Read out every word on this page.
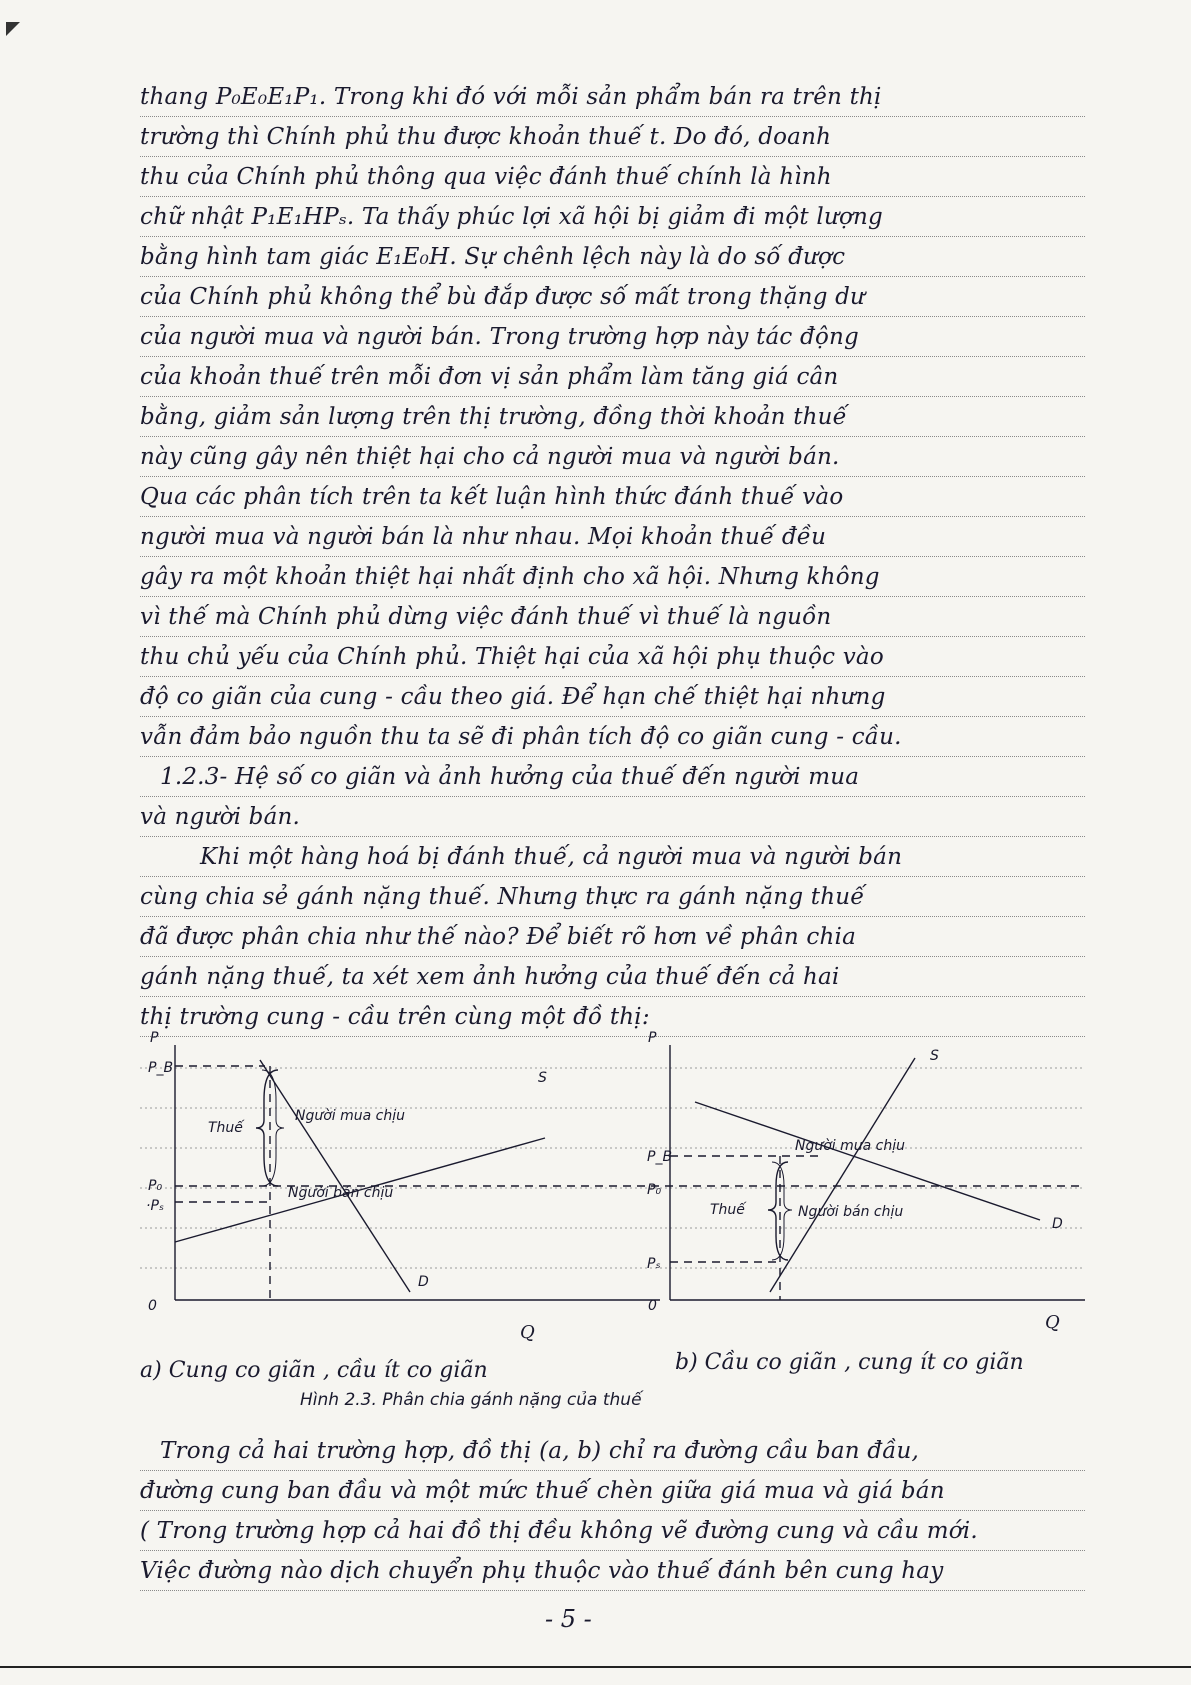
thang P₀E₀E₁P₁. Trong khi đó với mỗi sản phẩm bán ra trên thị
trường thì Chính phủ thu được khoản thuế t. Do đó, doanh
thu của Chính phủ thông qua việc đánh thuế chính là hình
chữ nhật P₁E₁HPₛ. Ta thấy phúc lợi xã hội bị giảm đi một lượng
bằng hình tam giác E₁E₀H. Sự chênh lệch này là do số được
của Chính phủ không thể bù đắp được số mất trong thặng dư
của người mua và người bán. Trong trường hợp này tác động
của khoản thuế trên mỗi đơn vị sản phẩm làm tăng giá cân
bằng, giảm sản lượng trên thị trường, đồng thời khoản thuế
này cũng gây nên thiệt hại cho cả người mua và người bán.
Qua các phân tích trên ta kết luận hình thức đánh thuế vào
người mua và người bán là như nhau. Mọi khoản thuế đều
gây ra một khoản thiệt hại nhất định cho xã hội. Nhưng không
vì thế mà Chính phủ dừng việc đánh thuế vì thuế là nguồn
thu chủ yếu của Chính phủ. Thiệt hại của xã hội phụ thuộc vào
độ co giãn của cung - cầu theo giá. Để hạn chế thiệt hại nhưng
vẫn đảm bảo nguồn thu ta sẽ đi phân tích độ co giãn cung - cầu.
1.2.3- Hệ số co giãn và ảnh hưởng của thuế đến người mua
và người bán.
Khi một hàng hoá bị đánh thuế, cả người mua và người bán
cùng chia sẻ gánh nặng thuế. Nhưng thực ra gánh nặng thuế
đã được phân chia như thế nào? Để biết rõ hơn về phân chia
gánh nặng thuế, ta xét xem ảnh hưởng của thuế đến cả hai
thị trường cung - cầu trên cùng một đồ thị:
P
P_B
P₀
·Pₛ
0
S
D
Thuế
Người mua chịu
Người bán chịu
P
P_B
P₀
Pₛ
0
S
D
Thuế
Người mua chịu
Người bán chịu
Q	Q
a) Cung co giãn , cầu ít co giãn	b) Cầu co giãn , cung ít co giãn
Hình 2.3. Phân chia gánh nặng của thuế
Trong cả hai trường hợp, đồ thị (a, b) chỉ ra đường cầu ban đầu,
đường cung ban đầu và một mức thuế chèn giữa giá mua và giá bán
( Trong trường hợp cả hai đồ thị đều không vẽ đường cung và cầu mới.
Việc đường nào dịch chuyển phụ thuộc vào thuế đánh bên cung hay
- 5 -
